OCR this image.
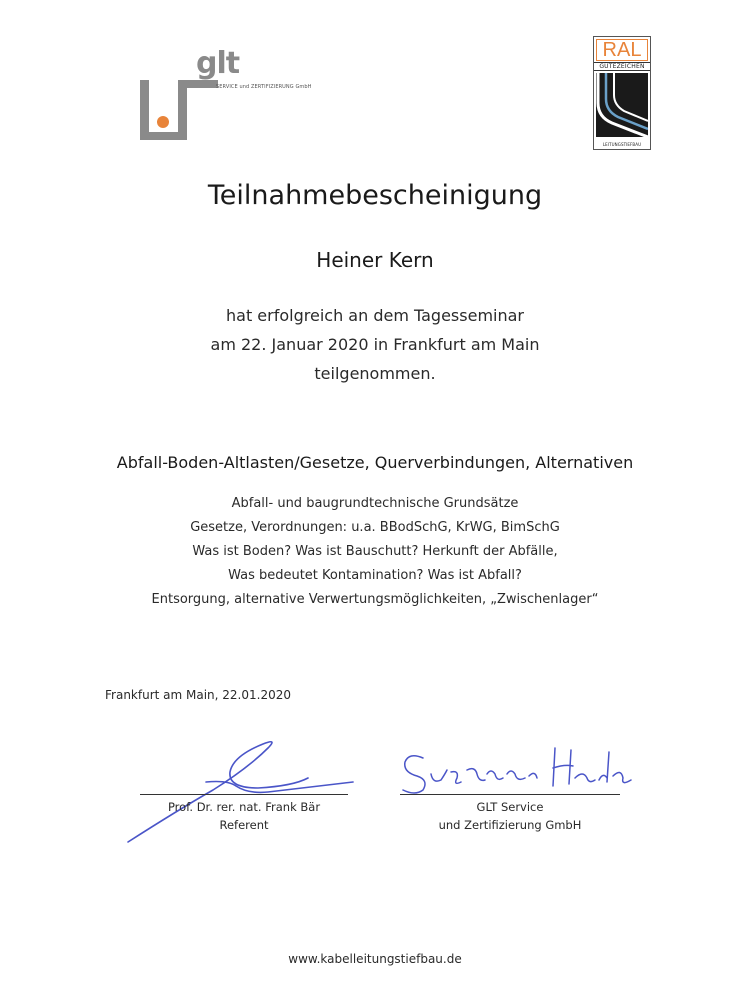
glt
SERVICE und ZERTIFIZIERUNG GmbH
RAL
GÜTEZEICHEN
LEITUNGSTIEFBAU
Teilnahmebescheinigung
Heiner Kern
hat erfolgreich an dem Tagesseminar
am 22. Januar 2020 in Frankfurt am Main
teilgenommen.
Abfall-Boden-Altlasten/Gesetze, Querverbindungen, Alternativen
Abfall- und baugrundtechnische Grundsätze
Gesetze, Verordnungen: u.a. BBodSchG, KrWG, BimSchG
Was ist Boden? Was ist Bauschutt? Herkunft der Abfälle,
Was bedeutet Kontamination? Was ist Abfall?
Entsorgung, alternative Verwertungsmöglichkeiten, „Zwischenlager“
Frankfurt am Main, 22.01.2020
Prof. Dr. rer. nat. Frank Bär
Referent
GLT Service
und Zertifizierung GmbH
www.kabelleitungstiefbau.de
